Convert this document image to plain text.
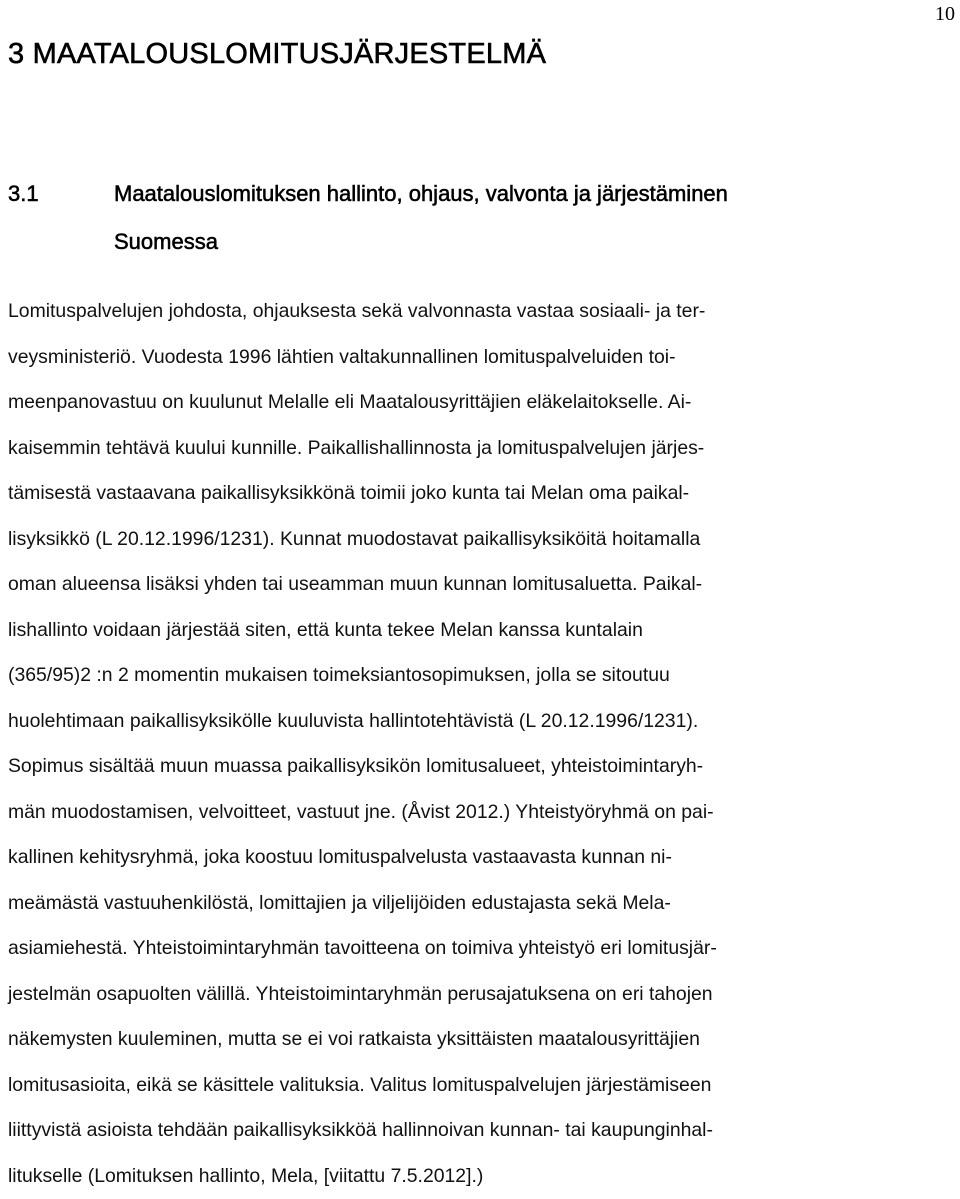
10
3 MAATALOUSLOMITUSJÄRJESTELMÄ
3.1	Maatalouslomituksen hallinto, ohjaus, valvonta ja järjestäminen
Suomessa

Lomituspalvelujen johdosta, ohjauksesta sekä valvonnasta vastaa sosiaali- ja ter-
veysministeriö. Vuodesta 1996 lähtien valtakunnallinen lomituspalveluiden toi-
meenpanovastuu on kuulunut Melalle eli Maatalousyrittäjien eläkelaitokselle. Ai-
kaisemmin tehtävä kuului kunnille. Paikallishallinnosta ja lomituspalvelujen järjes-
tämisestä vastaavana paikallisyksikkönä toimii joko kunta tai Melan oma paikal-
lisyksikkö (L 20.12.1996/1231). Kunnat muodostavat paikallisyksiköitä hoitamalla
oman alueensa lisäksi yhden tai useamman muun kunnan lomitusaluetta. Paikal-
lishallinto voidaan järjestää siten, että kunta tekee Melan kanssa kuntalain
(365/95)2 :n 2 momentin mukaisen toimeksiantosopimuksen, jolla se sitoutuu
huolehtimaan paikallisyksikölle kuuluvista hallintotehtävistä (L 20.12.1996/1231).
Sopimus sisältää muun muassa paikallisyksikön lomitusalueet, yhteistoimintaryh-
män muodostamisen, velvoitteet, vastuut jne. (Åvist 2012.) Yhteistyöryhmä on pai-
kallinen kehitysryhmä, joka koostuu lomituspalvelusta vastaavasta kunnan ni-
meämästä vastuuhenkilöstä, lomittajien ja viljelijöiden edustajasta sekä Mela-
asiamiehestä. Yhteistoimintaryhmän tavoitteena on toimiva yhteistyö eri lomitusjär-
jestelmän osapuolten välillä. Yhteistoimintaryhmän perusajatuksena on eri tahojen
näkemysten kuuleminen, mutta se ei voi ratkaista yksittäisten maatalousyrittäjien
lomitusasioita, eikä se käsittele valituksia. Valitus lomituspalvelujen järjestämiseen
liittyvistä asioista tehdään paikallisyksikköä hallinnoivan kunnan- tai kaupunginhal-
litukselle (Lomituksen hallinto, Mela, [viitattu 7.5.2012].)
